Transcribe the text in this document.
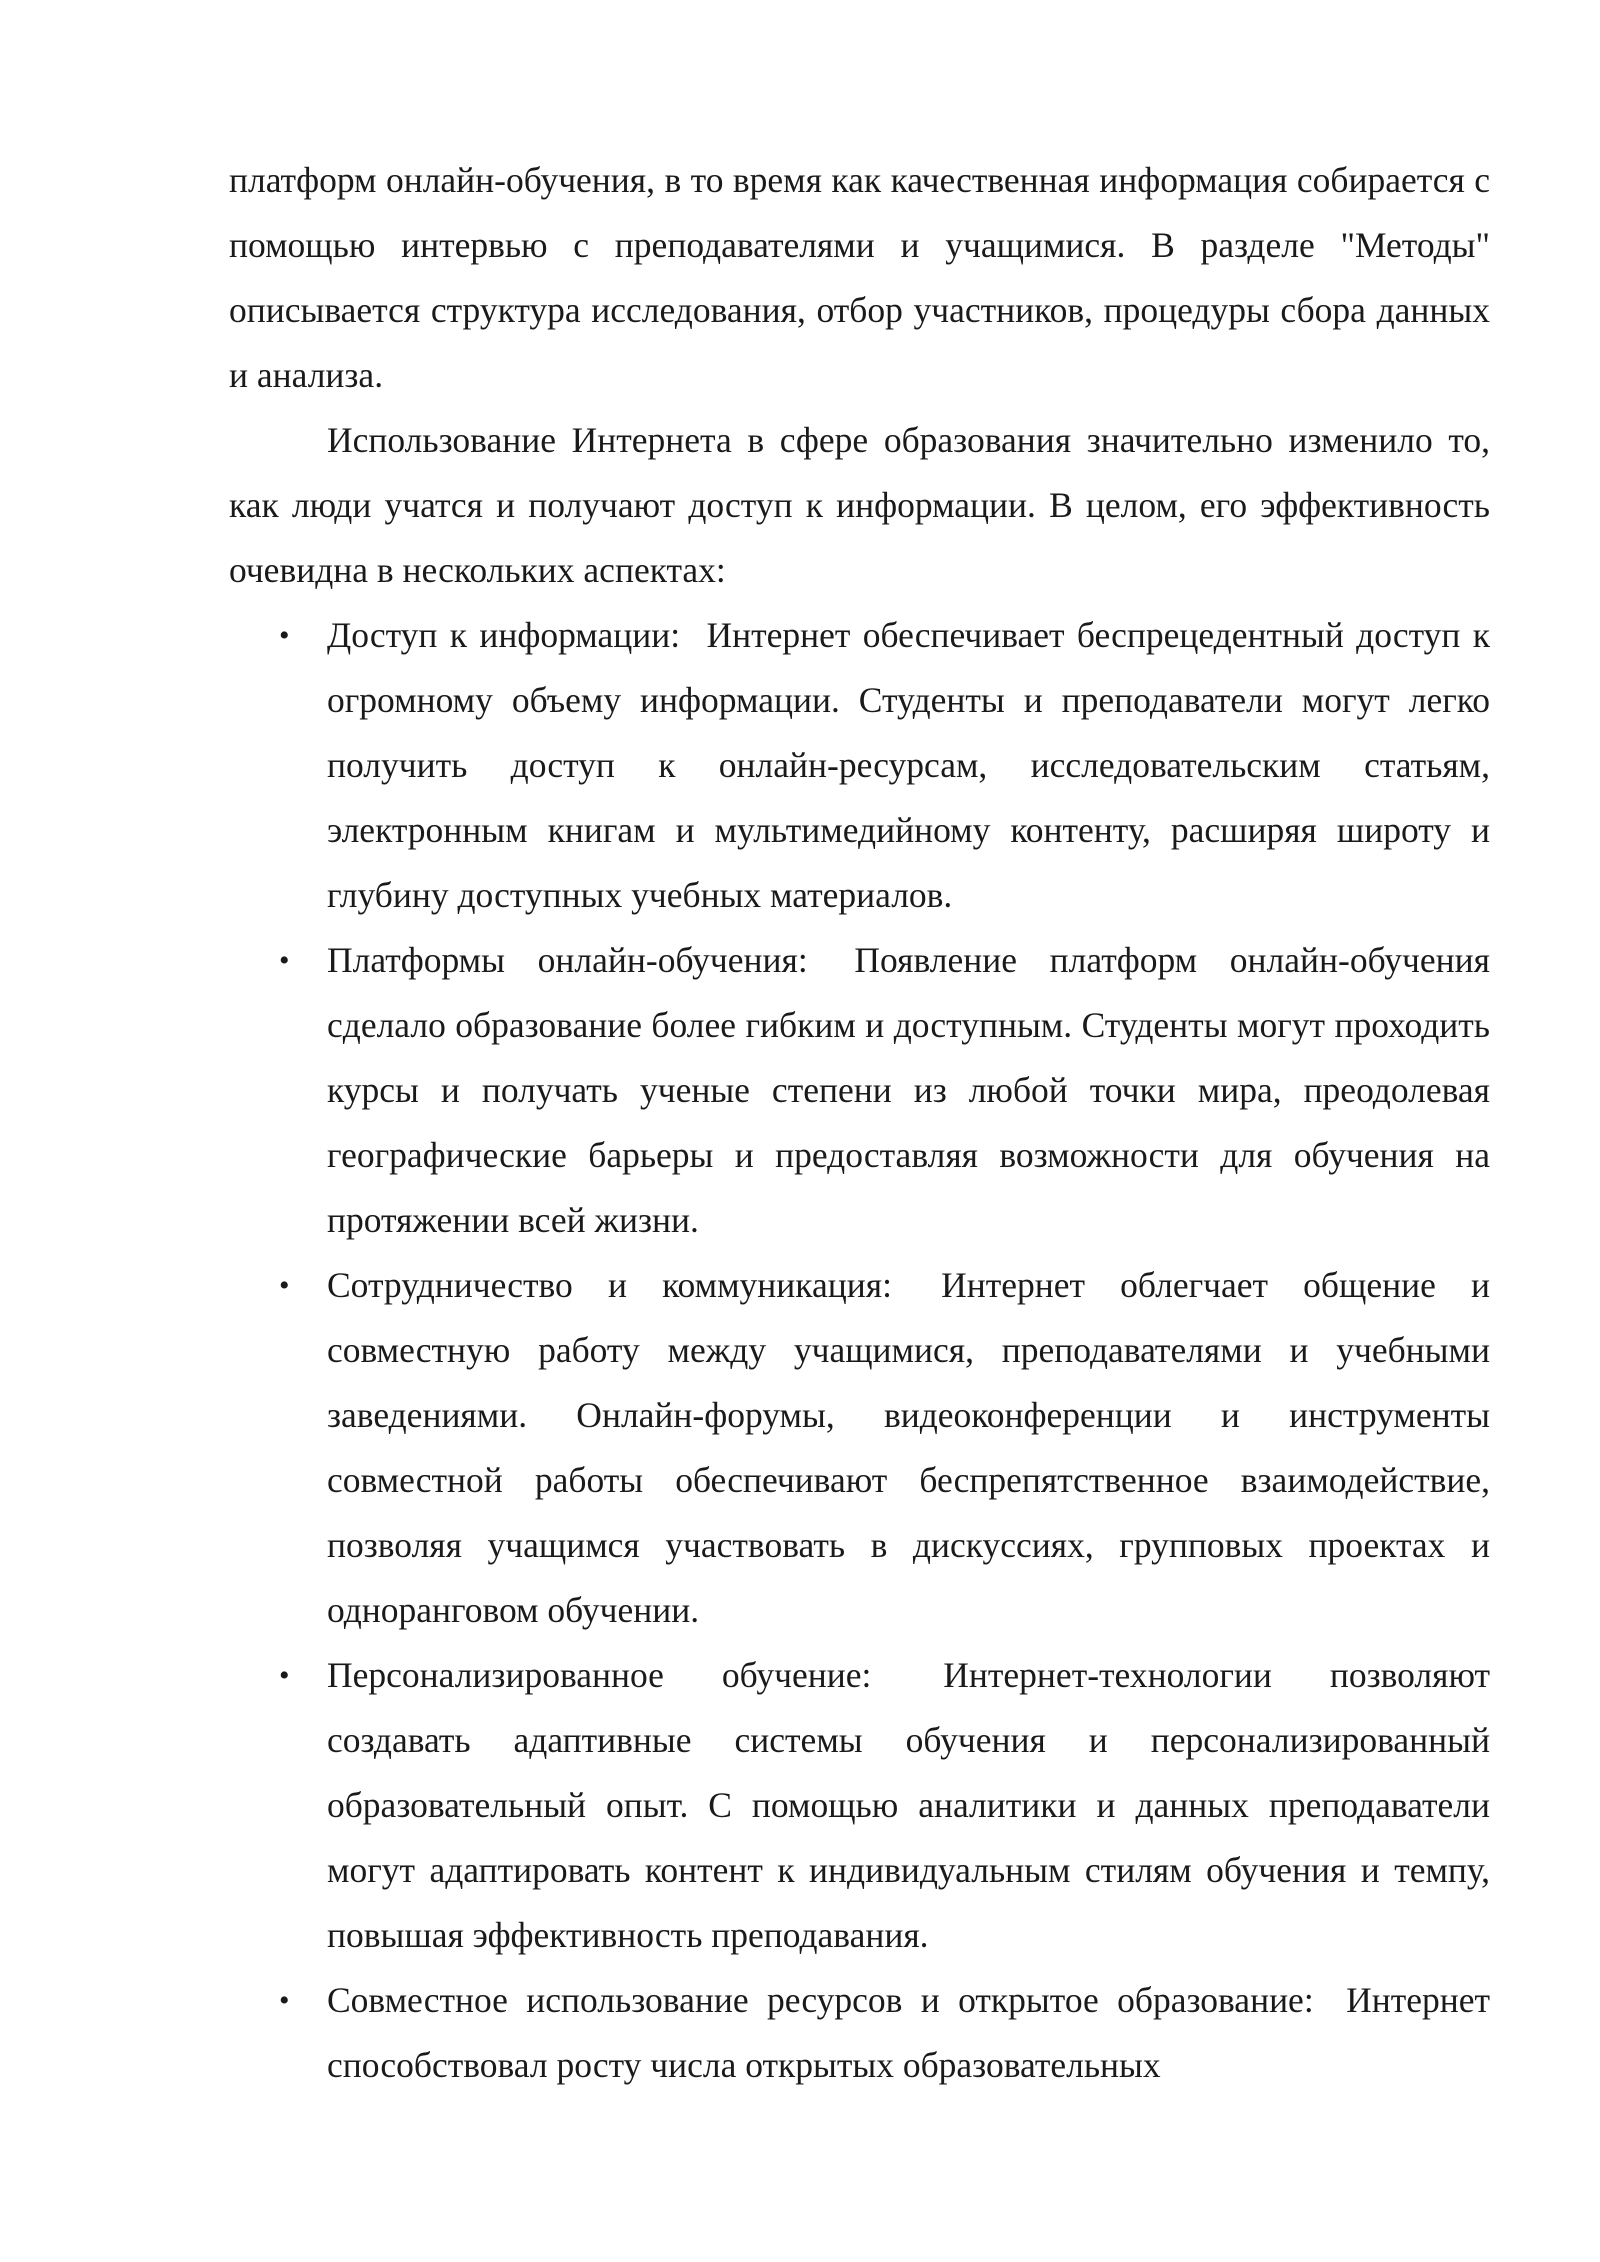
платформ онлайн-обучения, в то время как качественная информация собирается с помощью интервью с преподавателями и учащимися. В разделе "Методы" описывается структура исследования, отбор участников, процедуры сбора данных и анализа.

Использование Интернета в сфере образования значительно изменило то, как люди учатся и получают доступ к информации. В целом, его эффективность очевидна в нескольких аспектах:

•	Доступ к информации: Интернет обеспечивает беспрецедентный доступ к огромному объему информации. Студенты и преподаватели могут легко получить доступ к онлайн-ресурсам, исследовательским статьям, электронным книгам и мультимедийному контенту, расширяя широту и глубину доступных учебных материалов.
•	Платформы онлайн-обучения: Появление платформ онлайн-обучения сделало образование более гибким и доступным. Студенты могут проходить курсы и получать ученые степени из любой точки мира, преодолевая географические барьеры и предоставляя возможности для обучения на протяжении всей жизни.
•	Сотрудничество и коммуникация: Интернет облегчает общение и совместную работу между учащимися, преподавателями и учебными заведениями. Онлайн-форумы, видеоконференции и инструменты совместной работы обеспечивают беспрепятственное взаимодействие, позволяя учащимся участвовать в дискуссиях, групповых проектах и одноранговом обучении.
•	Персонализированное обучение: Интернет-технологии позволяют создавать адаптивные системы обучения и персонализированный образовательный опыт. С помощью аналитики и данных преподаватели могут адаптировать контент к индивидуальным стилям обучения и темпу, повышая эффективность преподавания.
•	Совместное использование ресурсов и открытое образование: Интернет способствовал росту числа открытых образовательных
